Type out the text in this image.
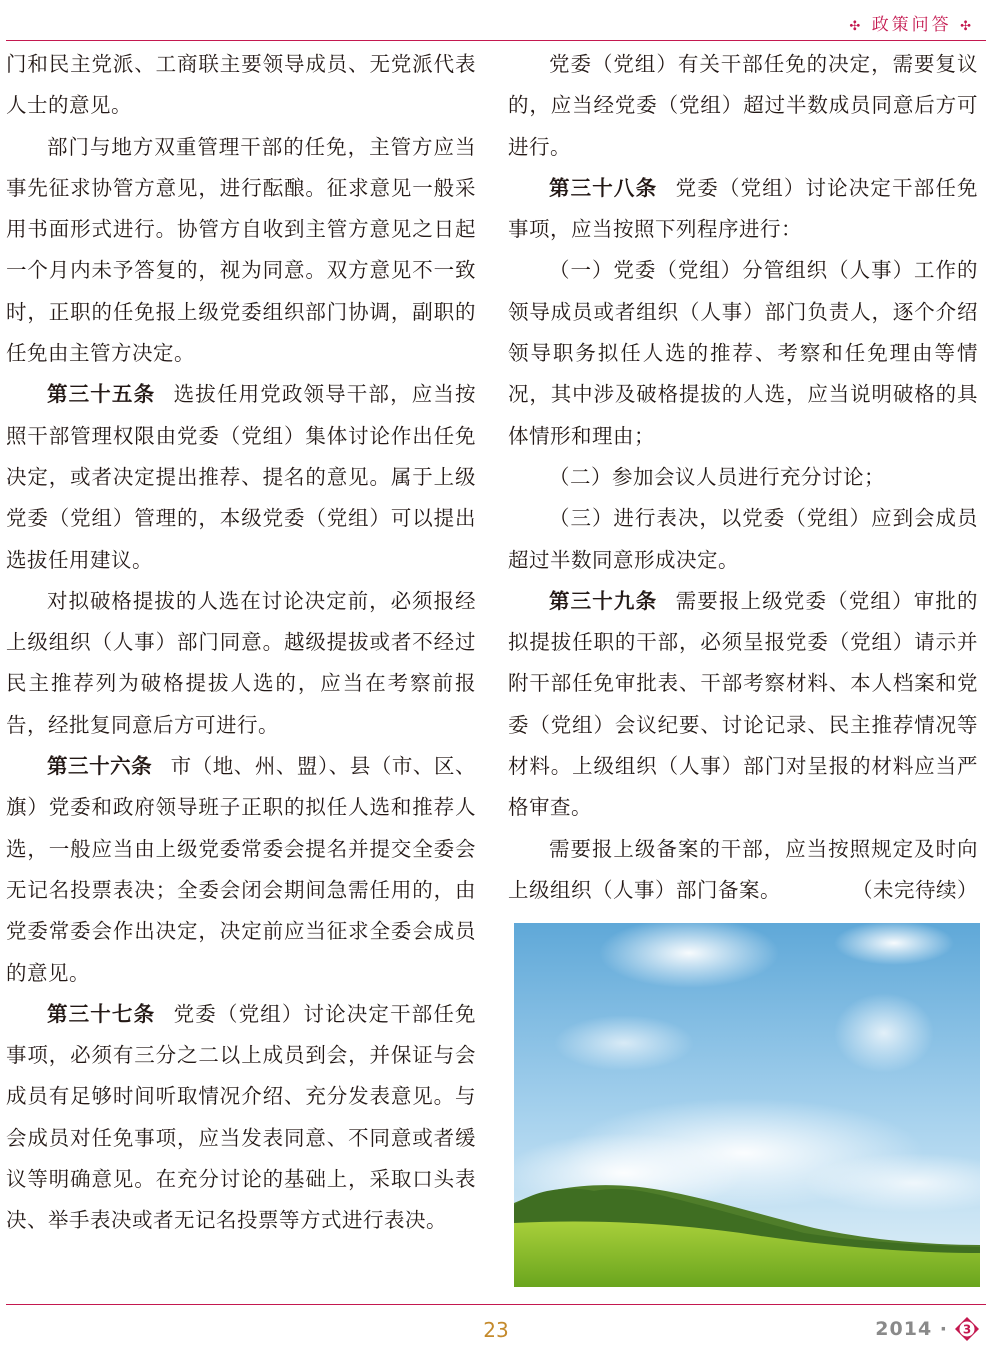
✣ 政策问答 ✣

门和民主党派、工商联主要领导成员、无党派代表人士的意见。

部门与地方双重管理干部的任免，主管方应当事先征求协管方意见，进行酝酿。征求意见一般采用书面形式进行。协管方自收到主管方意见之日起一个月内未予答复的，视为同意。双方意见不一致时，正职的任免报上级党委组织部门协调，副职的任免由主管方决定。

第三十五条 选拔任用党政领导干部，应当按照干部管理权限由党委（党组）集体讨论作出任免决定，或者决定提出推荐、提名的意见。属于上级党委（党组）管理的，本级党委（党组）可以提出选拔任用建议。

对拟破格提拔的人选在讨论决定前，必须报经上级组织（人事）部门同意。越级提拔或者不经过民主推荐列为破格提拔人选的，应当在考察前报告，经批复同意后方可进行。

第三十六条 市（地、州、盟）、县（市、区、旗）党委和政府领导班子正职的拟任人选和推荐人选，一般应当由上级党委常委会提名并提交全委会无记名投票表决；全委会闭会期间急需任用的，由党委常委会作出决定，决定前应当征求全委会成员的意见。

第三十七条 党委（党组）讨论决定干部任免事项，必须有三分之二以上成员到会，并保证与会成员有足够时间听取情况介绍、充分发表意见。与会成员对任免事项，应当发表同意、不同意或者缓议等明确意见。在充分讨论的基础上，采取口头表决、举手表决或者无记名投票等方式进行表决。

党委（党组）有关干部任免的决定，需要复议的，应当经党委（党组）超过半数成员同意后方可进行。

第三十八条 党委（党组）讨论决定干部任免事项，应当按照下列程序进行：

（一）党委（党组）分管组织（人事）工作的领导成员或者组织（人事）部门负责人，逐个介绍领导职务拟任人选的推荐、考察和任免理由等情况，其中涉及破格提拔的人选，应当说明破格的具体情形和理由；

（二）参加会议人员进行充分讨论；

（三）进行表决，以党委（党组）应到会成员超过半数同意形成决定。

第三十九条 需要报上级党委（党组）审批的拟提拔任职的干部，必须呈报党委（党组）请示并附干部任免审批表、干部考察材料、本人档案和党委（党组）会议纪要、讨论记录、民主推荐情况等材料。上级组织（人事）部门对呈报的材料应当严格审查。

需要报上级备案的干部，应当按照规定及时向上级组织（人事）部门备案。	（未完待续）

23	2014 · 3
